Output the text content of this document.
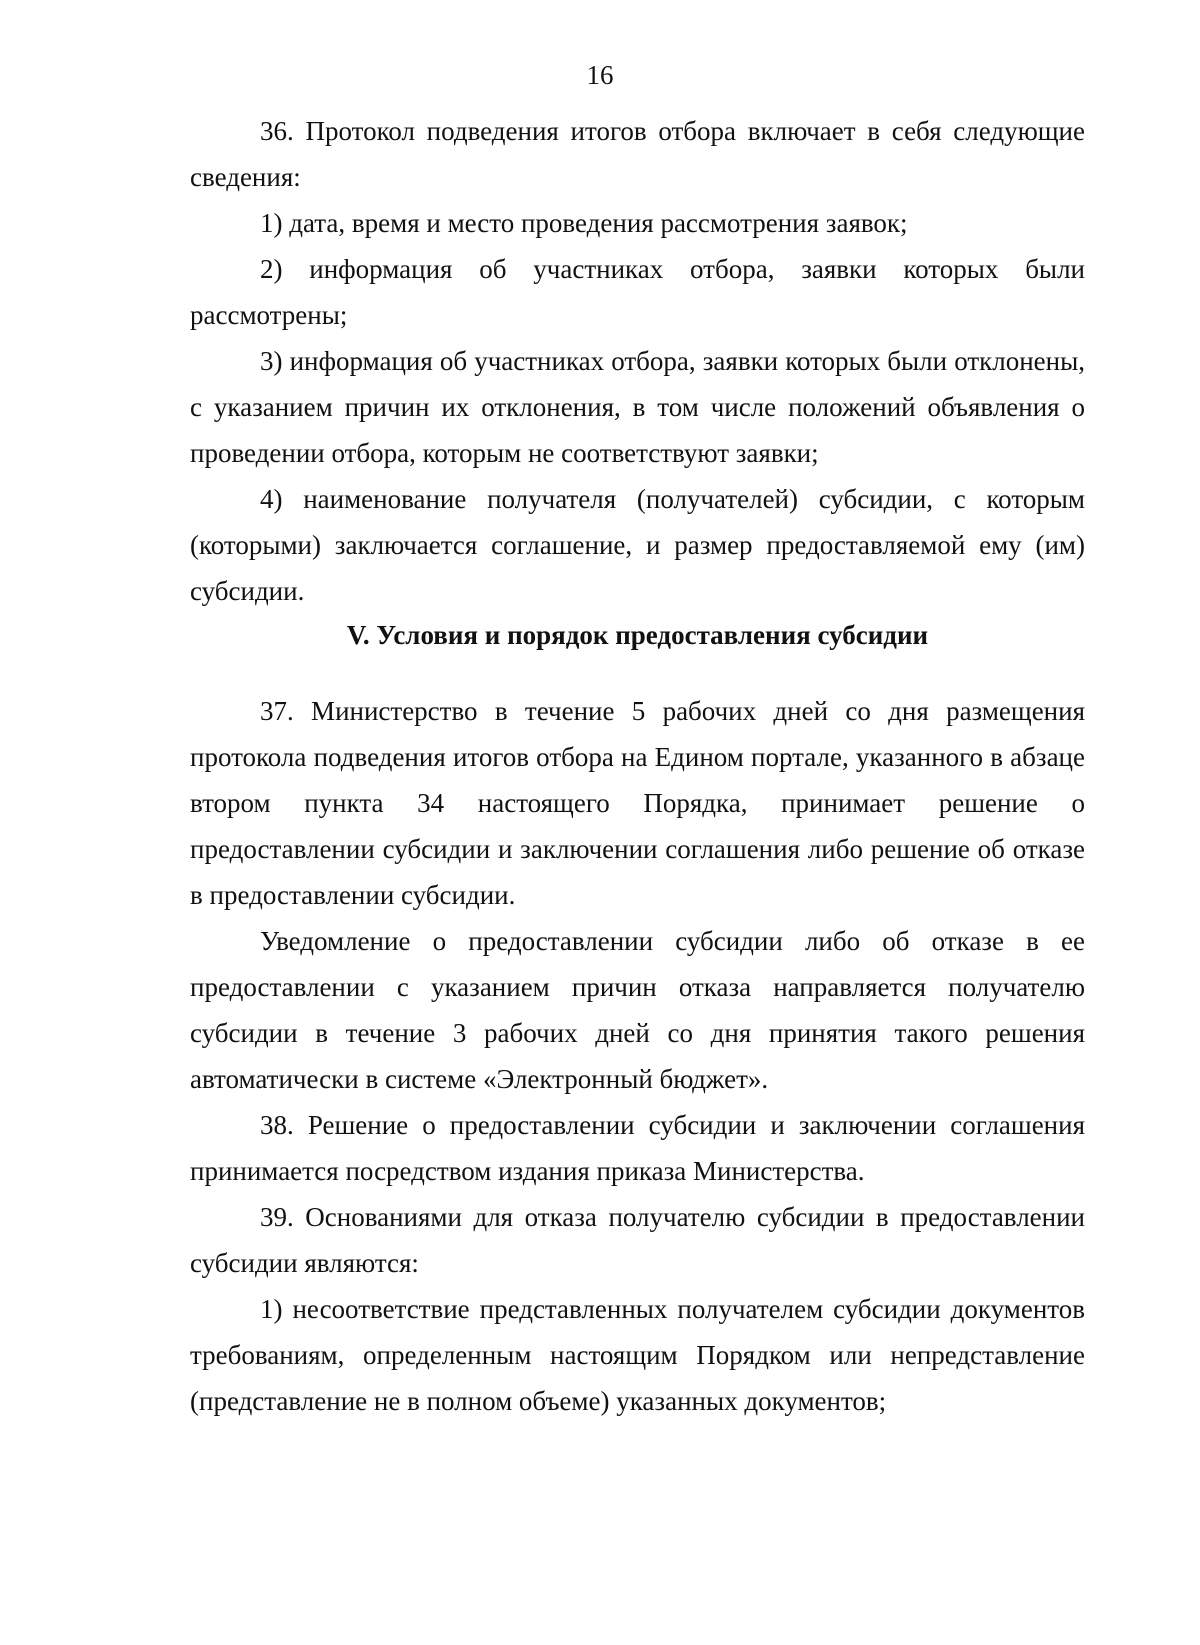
16

36. Протокол подведения итогов отбора включает в себя следующие сведения:

1) дата, время и место проведения рассмотрения заявок;

2) информация об участниках отбора, заявки которых были рассмотрены;

3) информация об участниках отбора, заявки которых были отклонены, с указанием причин их отклонения, в том числе положений объявления о проведении отбора, которым не соответствуют заявки;

4) наименование получателя (получателей) субсидии, с которым (которыми) заключается соглашение, и размер предоставляемой ему (им) субсидии.

V. Условия и порядок предоставления субсидии

37. Министерство в течение 5 рабочих дней со дня размещения протокола подведения итогов отбора на Едином портале, указанного в абзаце втором пункта 34 настоящего Порядка, принимает решение о предоставлении субсидии и заключении соглашения либо решение об отказе в предоставлении субсидии.

Уведомление о предоставлении субсидии либо об отказе в ее предоставлении с указанием причин отказа направляется получателю субсидии в течение 3 рабочих дней со дня принятия такого решения автоматически в системе «Электронный бюджет».

38. Решение о предоставлении субсидии и заключении соглашения принимается посредством издания приказа Министерства.

39. Основаниями для отказа получателю субсидии в предоставлении субсидии являются:

1) несоответствие представленных получателем субсидии документов требованиям, определенным настоящим Порядком или непредставление (представление не в полном объеме) указанных документов;
